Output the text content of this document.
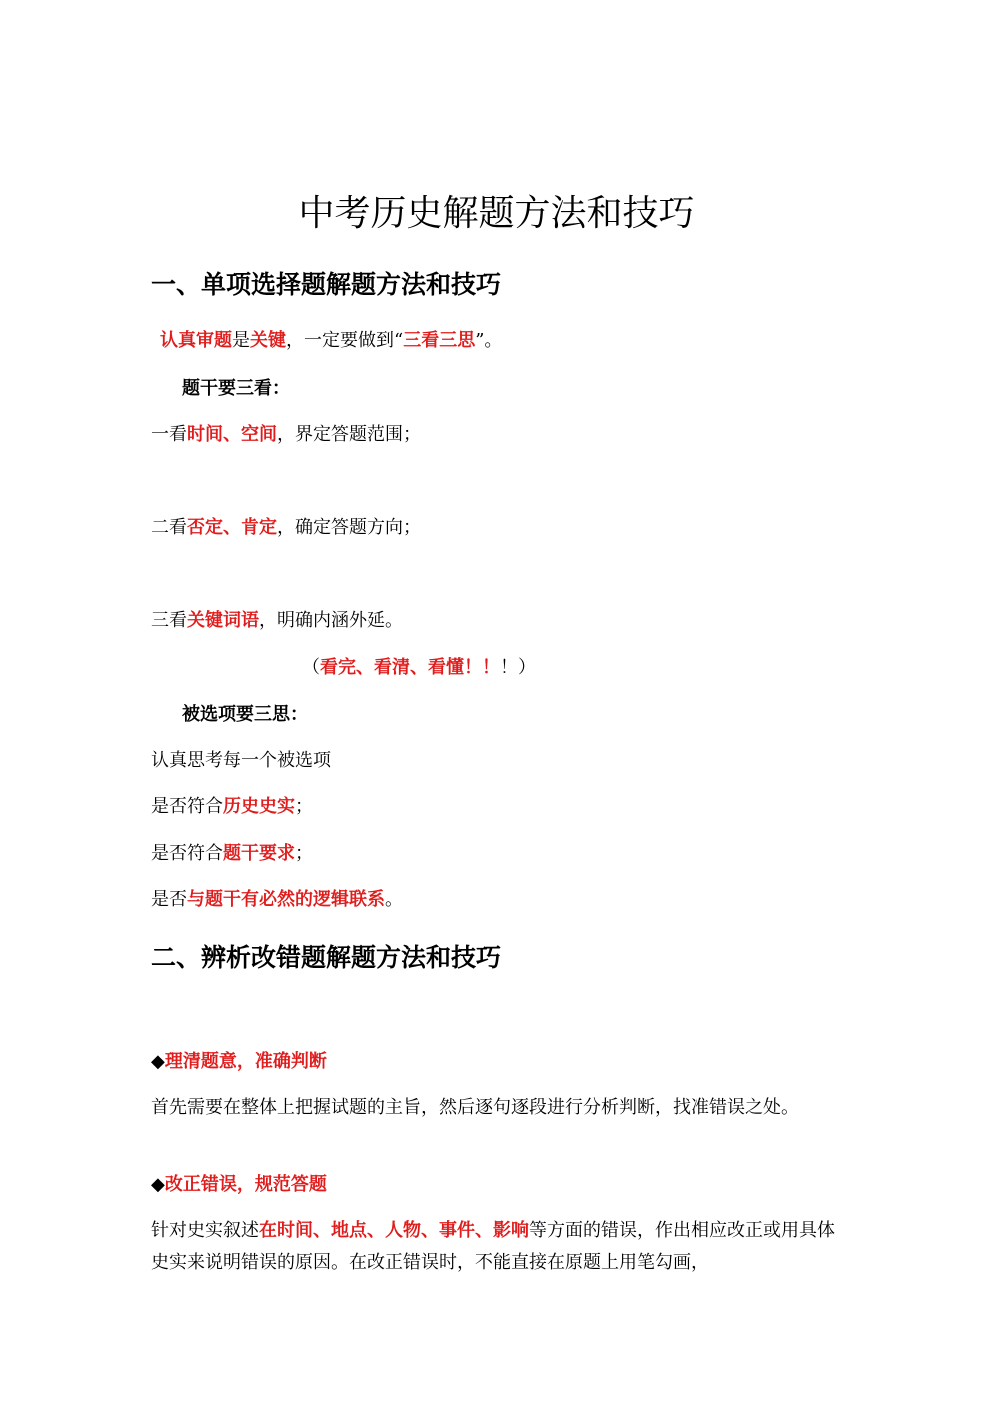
中考历史解题方法和技巧
一、单项选择题解题方法和技巧
认真审题是关键，一定要做到“三看三思”。
题干要三看：
一看时间、空间，界定答题范围；
二看否定、肯定，确定答题方向；
三看关键词语，明确内涵外延。
（看完、看清、看懂！！！）
被选项要三思：
认真思考每一个被选项
是否符合历史史实；
是否符合题干要求；
是否与题干有必然的逻辑联系。
二、辨析改错题解题方法和技巧
◆理清题意，准确判断
首先需要在整体上把握试题的主旨，然后逐句逐段进行分析判断，找准错误之处。
◆改正错误，规范答题
针对史实叙述在时间、地点、人物、事件、影响等方面的错误，作出相应改正或用具体史实来说明错误的原因。在改正错误时，不能直接在原题上用笔勾画，
